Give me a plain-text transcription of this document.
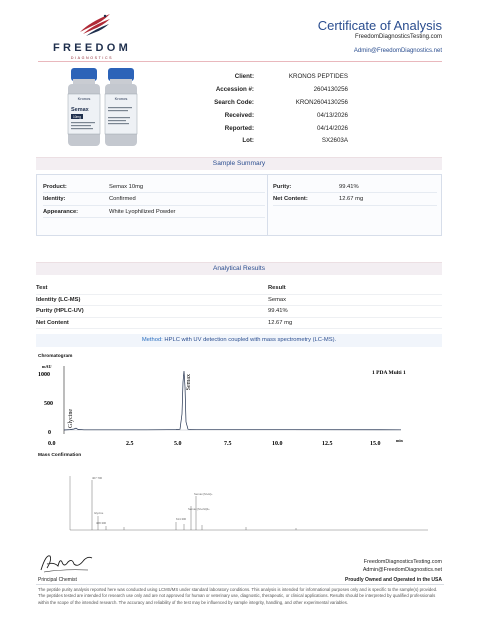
FREEDOM
DIAGNOSTICS
Certificate of Analysis
FreedomDiagnosticsTesting.com
Admin@FreedomDiagnostics.net
Kronos
Semax
10mg
Kronos
Client:	KRONOS PEPTIDES
Accession #:	2604130256
Search Code:	KRON2604130256
Received:	04/13/2026
Reported:	04/14/2026
Lot:	SX2603A
Sample Summary
Product:	Semax 10mg
Identity:	Confirmed
Appearance:	White Lyophilized Powder
Purity:	99.41%
Net Content:	12.67 mg
Analytical Results
Test	Result
Identity (LC-MS)	Semax
Purity (HPLC-UV)	99.41%
Net Content	12.67 mg
Method: HPLC with UV detection coupled with mass spectrometry (LC-MS).
Chromatogram
mAU
1000
500
0
Semax
Glycine
1 PDA Multi 1
0.0	2.5	5.0	7.5	10.0	12.5	15.0
min
Mass Confirmation
407.700
Semax [M+H]+
Semax [M+2H]2+
Glycine
614.300
408.300
Principal Chemist
FreedomDiagnosticsTesting.com
Admin@FreedomDiagnostics.net
Proudly Owned and Operated in the USA
The peptide purity analysis reported here was conducted using LCMS/MS under standard laboratory conditions. This analysis is intended for informational purposes only and is specific to the sample(s) provided. The peptides tested are intended for research use only and are not approved for human or veterinary use, diagnostic, therapeutic, or clinical applications. Results should be interpreted by qualified professionals within the scope of the intended research. The accuracy and reliability of the test may be influenced by sample integrity, handling, and other experimental variables.
